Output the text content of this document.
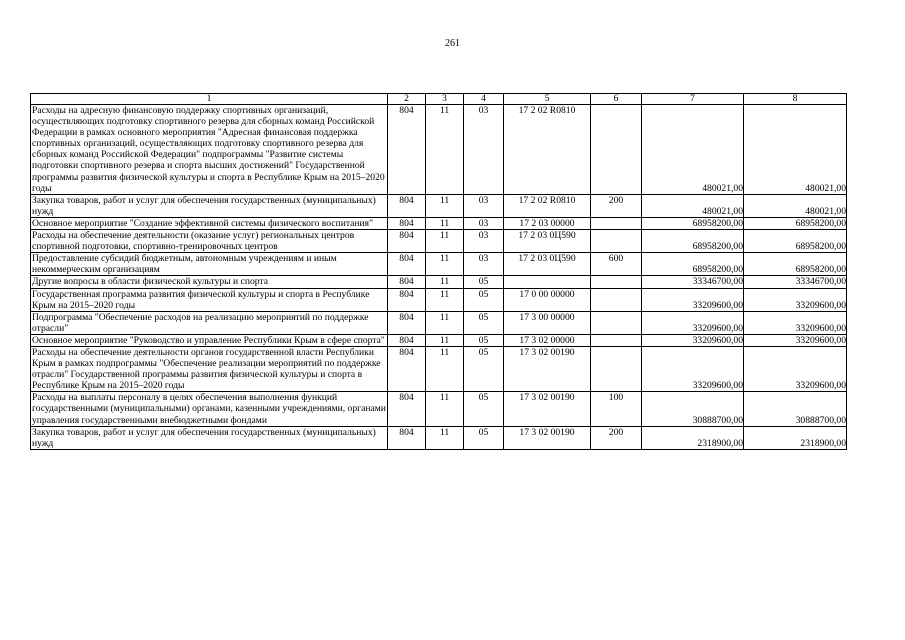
261
1	2	3	4	5	6	7	8
Расходы на адресную финансовую поддержку спортивных организаций, осуществляющих подготовку спортивного резерва для сборных команд Российской Федерации в рамках основного мероприятия "Адресная финансовая поддержка спортивных организаций, осуществляющих подготовку спортивного резерва для сборных команд Российской Федерации" подпрограммы "Развитие системы подготовки спортивного резерва и спорта высших достижений" Государственной программы развития физической культуры и спорта в Республике Крым на 2015–2020 годы	804	11	03	17 2 02 R0810		480021,00	480021,00
Закупка товаров, работ и услуг для обеспечения государственных (муниципальных) нужд	804	11	03	17 2 02 R0810	200	480021,00	480021,00
Основное мероприятие "Создание эффективной системы физического воспитания"	804	11	03	17 2 03 00000		68958200,00	68958200,00
Расходы на обеспечение деятельности (оказание услуг) региональных центров спортивной подготовки, спортивно-тренировочных центров	804	11	03	17 2 03 0Ц590		68958200,00	68958200,00
Предоставление субсидий бюджетным, автономным учреждениям и иным некоммерческим организациям	804	11	03	17 2 03 0Ц590	600	68958200,00	68958200,00
Другие вопросы в области физической культуры и спорта	804	11	05			33346700,00	33346700,00
Государственная программа развития физической культуры и спорта в Республике Крым на 2015–2020 годы	804	11	05	17 0 00 00000		33209600,00	33209600,00
Подпрограмма "Обеспечение расходов на реализацию мероприятий по поддержке отрасли"	804	11	05	17 3 00 00000		33209600,00	33209600,00
Основное мероприятие "Руководство и управление Республики Крым в сфере спорта"	804	11	05	17 3 02 00000		33209600,00	33209600,00
Расходы на обеспечение деятельности органов государственной власти Республики Крым в рамках подпрограммы "Обеспечение реализации мероприятий по поддержке отрасли" Государственной программы развития физической культуры и спорта в Республике Крым на 2015–2020 годы	804	11	05	17 3 02 00190		33209600,00	33209600,00
Расходы на выплаты персоналу в целях обеспечения выполнения функций государственными (муниципальными) органами, казенными учреждениями, органами управления государственными внебюджетными фондами	804	11	05	17 3 02 00190	100	30888700,00	30888700,00
Закупка товаров, работ и услуг для обеспечения государственных (муниципальных) нужд	804	11	05	17 3 02 00190	200	2318900,00	2318900,00
